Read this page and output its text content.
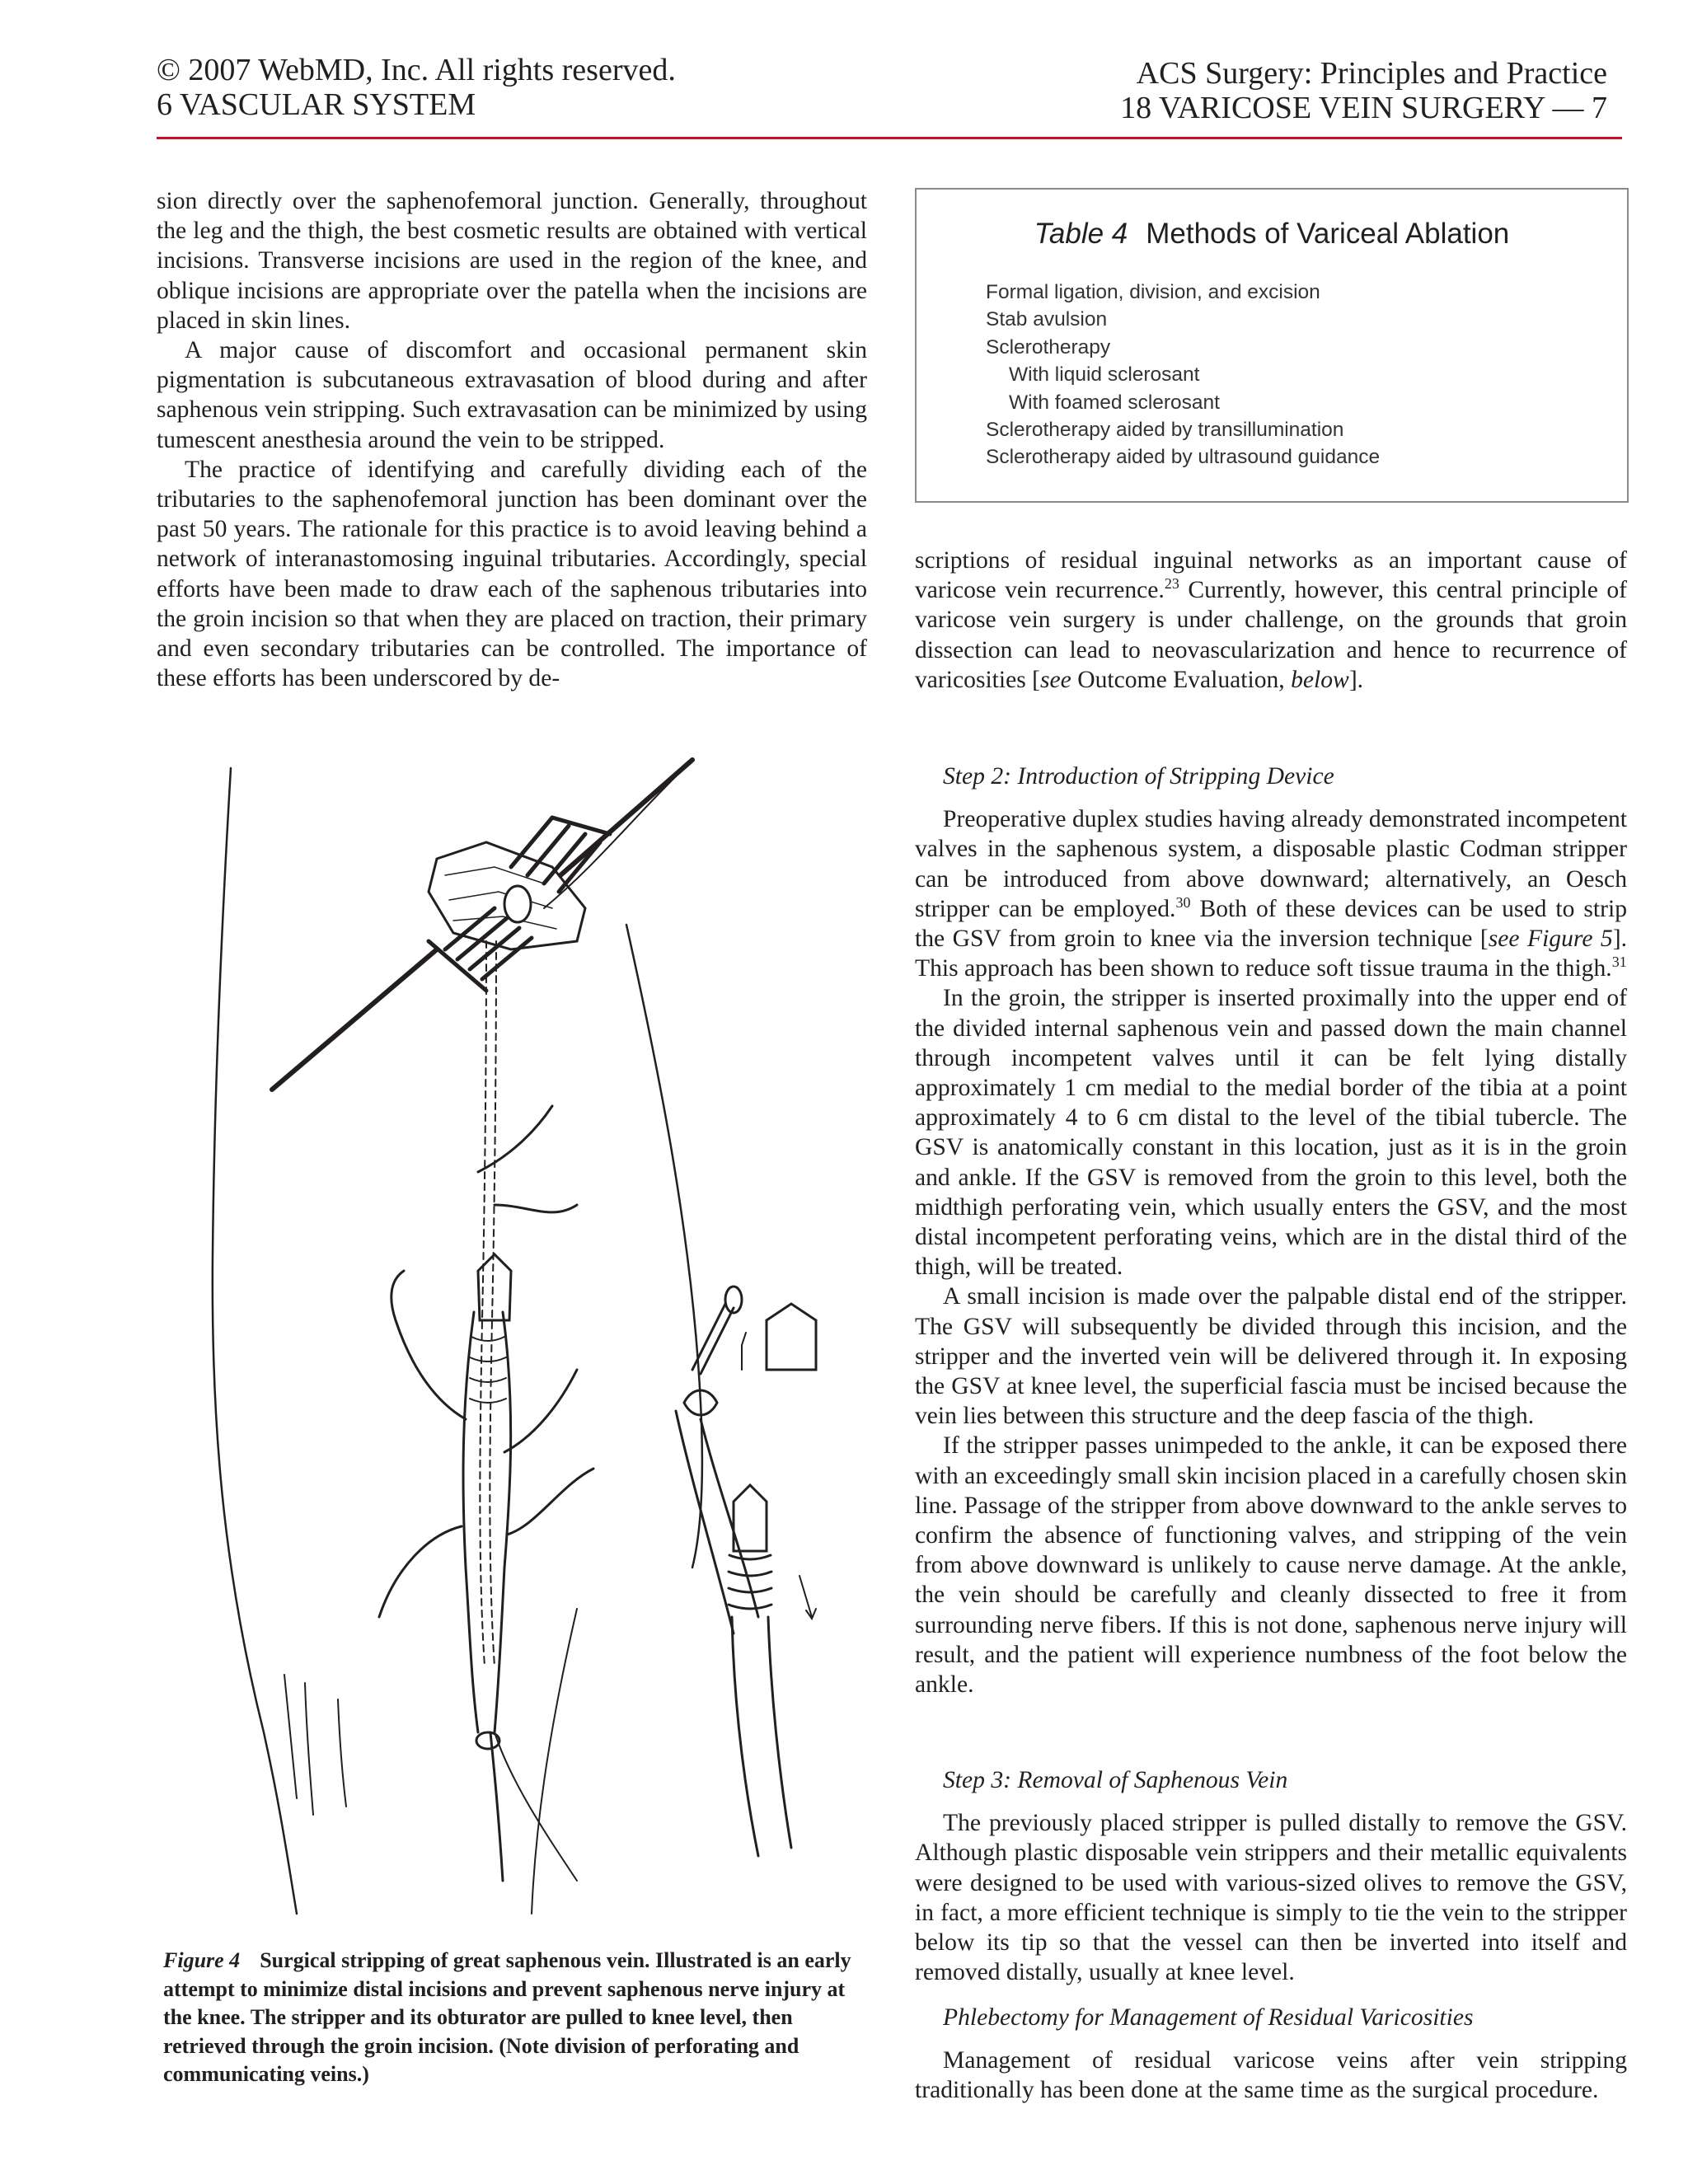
© 2007 WebMD, Inc. All rights reserved.
6 VASCULAR SYSTEM
ACS Surgery: Principles and Practice
18 VARICOSE VEIN SURGERY — 7

sion directly over the saphenofemoral junction. Generally, throughout the leg and the thigh, the best cosmetic results are obtained with vertical incisions. Transverse incisions are used in the region of the knee, and oblique incisions are appropriate over the patella when the incisions are placed in skin lines.

A major cause of discomfort and occasional permanent skin pigmentation is subcutaneous extravasation of blood during and after saphenous vein stripping. Such extravasation can be minimized by using tumescent anesthesia around the vein to be stripped.

The practice of identifying and carefully dividing each of the tributaries to the saphenofemoral junction has been dominant over the past 50 years. The rationale for this practice is to avoid leaving behind a network of interanastomosing inguinal tributaries. Accordingly, special efforts have been made to draw each of the saphenous tributaries into the groin incision so that when they are placed on traction, their primary and even secondary tributaries can be controlled. The importance of these efforts has been underscored by de-

Table 4 Methods of Variceal Ablation
Formal ligation, division, and excision
Stab avulsion
Sclerotherapy
With liquid sclerosant
With foamed sclerosant
Sclerotherapy aided by transillumination
Sclerotherapy aided by ultrasound guidance

scriptions of residual inguinal networks as an important cause of varicose vein recurrence.$^{23}$ Currently, however, this central principle of varicose vein surgery is under challenge, on the grounds that groin dissection can lead to neovascularization and hence to recurrence of varicosities [see Outcome Evaluation, below].

Step 2: Introduction of Stripping Device

Preoperative duplex studies having already demonstrated incompetent valves in the saphenous system, a disposable plastic Codman stripper can be introduced from above downward; alternatively, an Oesch stripper can be employed.$^{30}$ Both of these devices can be used to strip the GSV from groin to knee via the inversion technique [see Figure 5]. This approach has been shown to reduce soft tissue trauma in the thigh.$^{31}$

In the groin, the stripper is inserted proximally into the upper end of the divided internal saphenous vein and passed down the main channel through incompetent valves until it can be felt lying distally approximately 1 cm medial to the medial border of the tibia at a point approximately 4 to 6 cm distal to the level of the tibial tubercle. The GSV is anatomically constant in this location, just as it is in the groin and ankle. If the GSV is removed from the groin to this level, both the midthigh perforating vein, which usually enters the GSV, and the most distal incompetent perforating veins, which are in the distal third of the thigh, will be treated.

A small incision is made over the palpable distal end of the stripper. The GSV will subsequently be divided through this incision, and the stripper and the inverted vein will be delivered through it. In exposing the GSV at knee level, the superficial fascia must be incised because the vein lies between this structure and the deep fascia of the thigh.

If the stripper passes unimpeded to the ankle, it can be exposed there with an exceedingly small skin incision placed in a carefully chosen skin line. Passage of the stripper from above downward to the ankle serves to confirm the absence of functioning valves, and stripping of the vein from above downward is unlikely to cause nerve damage. At the ankle, the vein should be carefully and cleanly dissected to free it from surrounding nerve fibers. If this is not done, saphenous nerve injury will result, and the patient will experience numbness of the foot below the ankle.

Step 3: Removal of Saphenous Vein

The previously placed stripper is pulled distally to remove the GSV. Although plastic disposable vein strippers and their metallic equivalents were designed to be used with various-sized olives to remove the GSV, in fact, a more efficient technique is simply to tie the vein to the stripper below its tip so that the vessel can then be inverted into itself and removed distally, usually at knee level.

Phlebectomy for Management of Residual Varicosities

Management of residual varicose veins after vein stripping traditionally has been done at the same time as the surgical procedure.

Figure 4 Surgical stripping of great saphenous vein. Illustrated is an early attempt to minimize distal incisions and prevent saphenous nerve injury at the knee. The stripper and its obturator are pulled to knee level, then retrieved through the groin incision. (Note division of perforating and communicating veins.)
